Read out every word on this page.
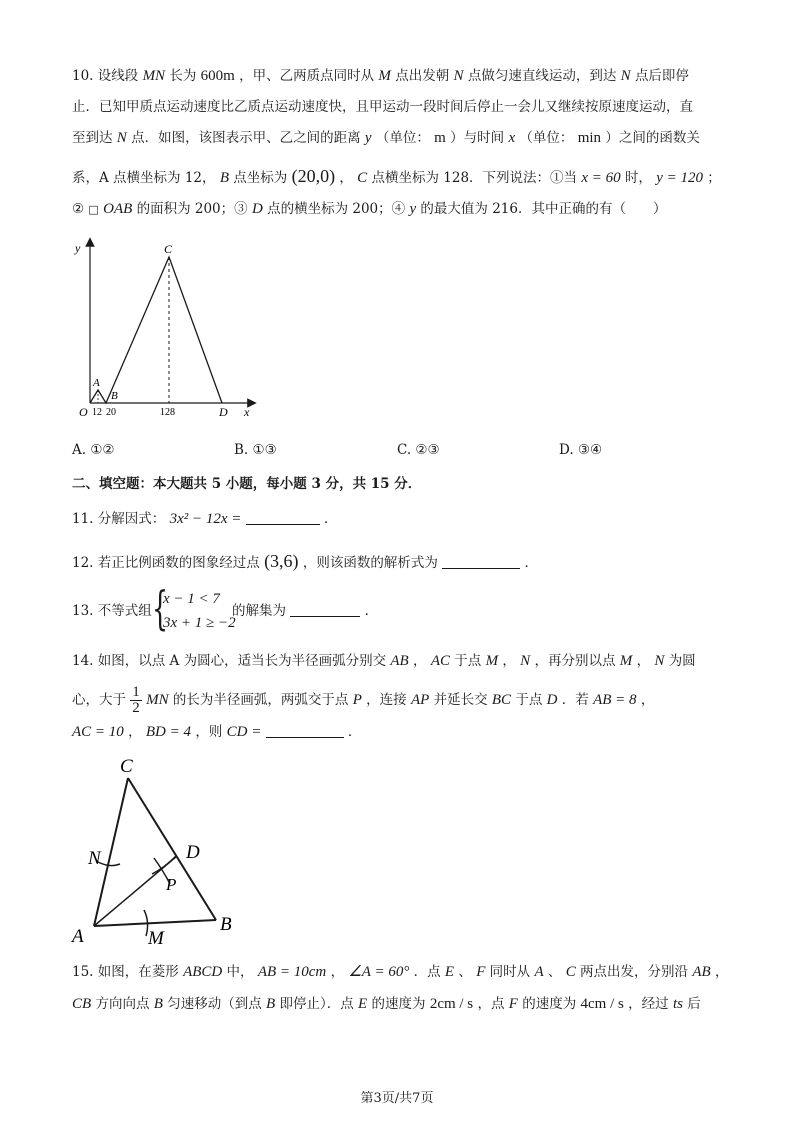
10. 设线段 MN 长为 600m ，甲、乙两质点同时从 M 点出发朝 N 点做匀速直线运动，到达 N 点后即停
止．已知甲质点运动速度比乙质点运动速度快，且甲运动一段时间后停止一会儿又继续按原速度运动，直
至到达 N 点．如图，该图表示甲、乙之间的距离 y （单位： m ）与时间 x （单位： min ）之间的函数关
系，A 点横坐标为 12， B 点坐标为 (20,0) ， C 点横坐标为 128．下列说法：①当 x = 60 时， y = 120 ；
② □ OAB 的面积为 200；③ D 点的横坐标为 200；④ y 的最大值为 216．其中正确的有（　　）
y
x
C
A
B
O 12 20	128	D
A. ①②	B. ①③	C. ②③	D. ③④
二、填空题：本大题共 5 小题，每小题 3 分，共 15 分．
11. 分解因式： 3x² − 12x =	．
12. 若正比例函数的图象经过点 (3,6) ，则该函数的解析式为	．
13. 不等式组 {
x − 1 < 7
3x + 1 ≥ −2
的解集为	．
14. 如图，以点 A 为圆心，适当长为半径画弧分别交 AB ， AC 于点 M ， N ，再分别以点 M ， N 为圆
心，大于 $\frac{1}{2}$ MN 的长为半径画弧，两弧交于点 P ，连接 AP 并延长交 BC 于点 D ．若 AB = 8 ，
AC = 10 ， BD = 4 ，则 CD =	．
C
N	D
P
A	M
B
15. 如图，在菱形 ABCD 中， AB = 10cm ， ∠A = 60° ．点 E 、 F 同时从 A 、 C 两点出发，分别沿 AB ，
CB 方向向点 B 匀速移动（到点 B 即停止）．点 E 的速度为 2cm / s ，点 F 的速度为 4cm / s ，经过 ts 后
第3页/共7页
